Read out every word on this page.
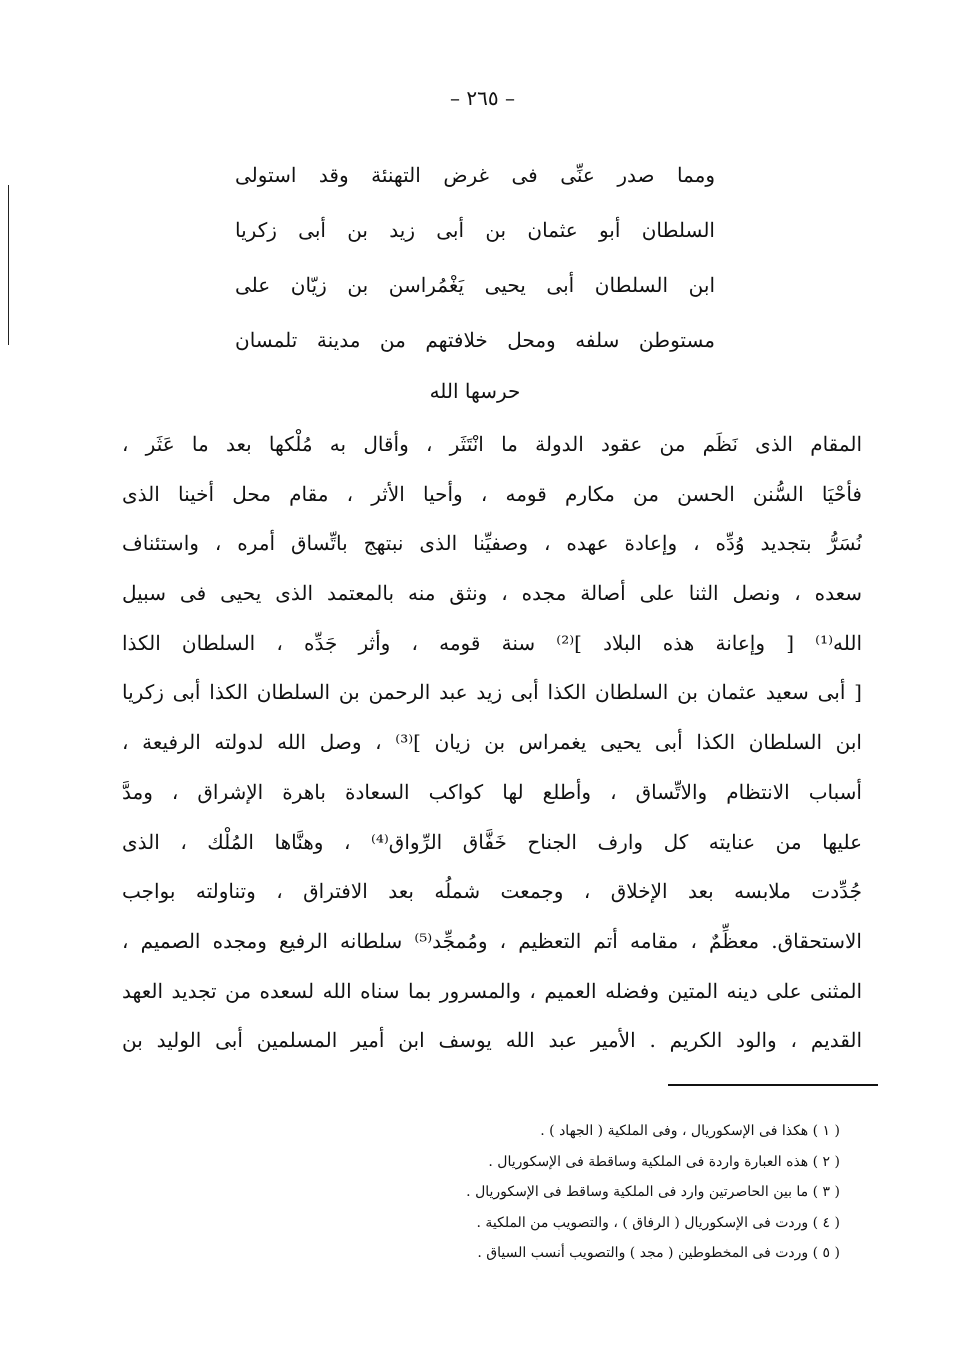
– ٢٦٥ –
ومما صدر عنِّى فى غرض التهنئة وقد استولى
السلطان أبو عثمان بن أبى زيد بن أبى زكريا
ابن السلطان أبى يحيى يَغْمُراسن بن زيّان على
مستوطن سلفه ومحل خلافتهم من مدينة تلمسان
حرسها الله
المقام الذى نَظَم من عقود الدولة ما انْتَثَر ، وأقال به مُلْكها بعد ما عَثَر ،
فأحْيَا السُّنن الحسن من مكارم قومه ، وأحيا الأثر ، مقام محل أخينا الذى
نُسَرُّ بتجديد وُدِّه ، وإعادة عهده ، وصفيِّنا الذى نبتهج باتِّساق أمره ، واستئناف
سعده ، ونصل الثنا على أصالة مجده ، ونثق منه بالمعتمد الذى يحيى فى سبيل
الله⁽¹⁾ [ وإعانة هذه البلاد ]⁽²⁾ سنة قومه ، وأثر جَدِّه ، السلطان الكذا
[ أبى سعيد عثمان بن السلطان الكذا أبى زيد عبد الرحمن بن السلطان الكذا أبى زكريا
ابن السلطان الكذا أبى يحيى يغمراس بن زيان ]⁽³⁾ ، وصل الله لدولته الرفيعة ،
أسباب الانتظام والاتِّساق ، وأطلع لها كواكب السعادة باهرة الإشراق ، ومدَّ
عليها من عنايته كل وارف الجناح خَفَّاق الرِّواق⁽⁴⁾ ، وهنَّاها المُلْك ، الذى
جُدِّدت ملابسه بعد الإخلاق ، وجمعت شملُه بعد الافتراق ، وتناولته بواجب
الاستحقاق. معظِّمٌ ، مقامه أتم التعظيم ، ومُمجِّد⁽⁵⁾ سلطانه الرفيع ومجده الصميم ،
المثنى على دينه المتين وفضله العميم ، والمسرور بما سناه الله لسعده من تجديد العهد
القديم ، والود الكريم . الأمير عبد الله يوسف ابن أمير المسلمين أبى الوليد بن
( ١ ) هكذا فى الإسكوريال ، وفى الملكية ( الجهاد ) .
( ٢ ) هذه العبارة واردة فى الملكية وساقطة فى الإسكوريال .
( ٣ ) ما بين الحاصرتين وارد فى الملكية وساقط فى الإسكوريال .
( ٤ ) وردت فى الإسكوريال ( الرفاق ) ، والتصويب من الملكية .
( ٥ ) وردت فى المخطوطين ( مجد ) والتصويب أنسب السياق .
